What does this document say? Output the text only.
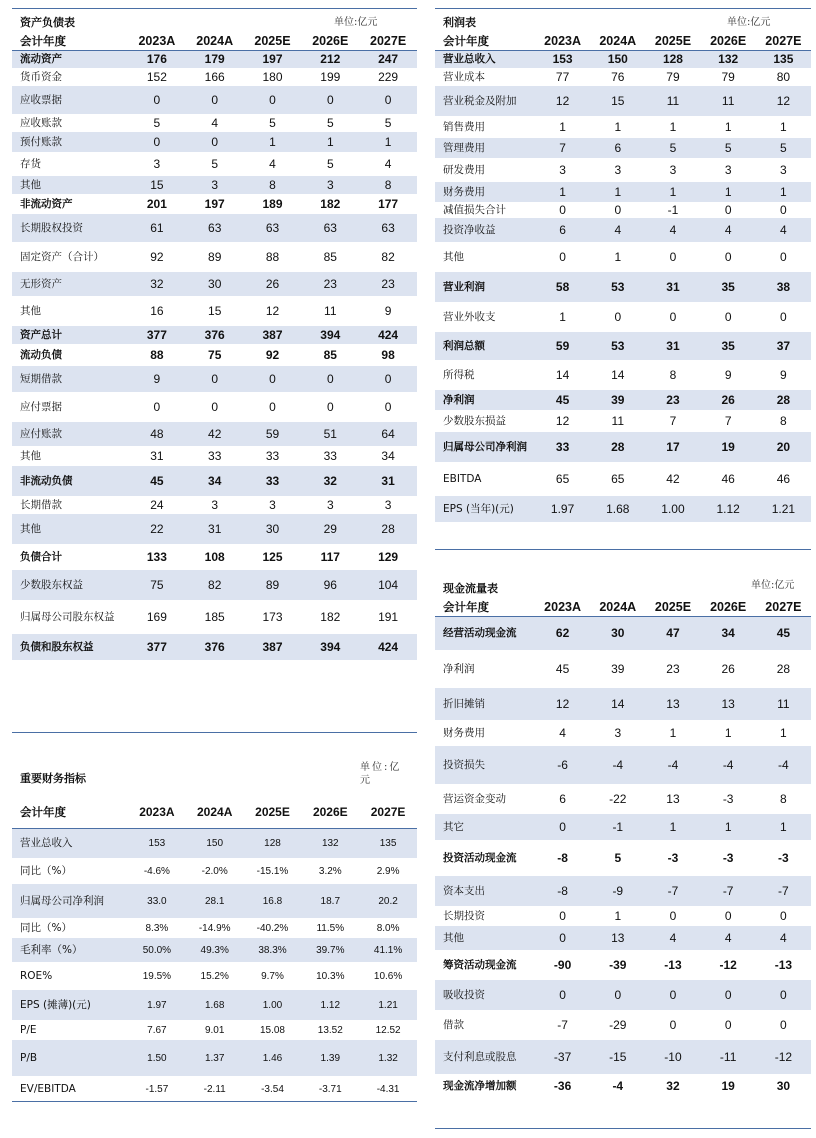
资产负债表	单位:亿元
会计年度	2023A	2024A	2025E	2026E	2027E
流动资产	176	179	197	212	247
货币资金	152	166	180	199	229
应收票据	0	0	0	0	0
应收账款	5	4	5	5	5
预付账款	0	0	1	1	1
存货	3	5	4	5	4
其他	15	3	8	3	8
非流动资产	201	197	189	182	177
长期股权投资	61	63	63	63	63
固定资产（合计）	92	89	88	85	82
无形资产	32	30	26	23	23
其他	16	15	12	11	9
资产总计	377	376	387	394	424
流动负债	88	75	92	85	98
短期借款	9	0	0	0	0
应付票据	0	0	0	0	0
应付账款	48	42	59	51	64
其他	31	33	33	33	34
非流动负债	45	34	33	32	31
长期借款	24	3	3	3	3
其他	22	31	30	29	28
负债合计	133	108	125	117	129
少数股东权益	75	82	89	96	104
归属母公司股东权益	169	185	173	182	191
负债和股东权益	377	376	387	394	424
重要财务指标
单位:亿元
会计年度	2023A	2024A	2025E	2026E	2027E
营业总收入	153	150	128	132	135
同比（%）	-4.6%	-2.0%	-15.1%	3.2%	2.9%
归属母公司净利润	33.0	28.1	16.8	18.7	20.2
同比（%）	8.3%	-14.9%	-40.2%	11.5%	8.0%
毛利率（%）	50.0%	49.3%	38.3%	39.7%	41.1%
ROE%	19.5%	15.2%	9.7%	10.3%	10.6%
EPS (摊薄)(元)	1.97	1.68	1.00	1.12	1.21
P/E	7.67	9.01	15.08	13.52	12.52
P/B	1.50	1.37	1.46	1.39	1.32
EV/EBITDA	-1.57	-2.11	-3.54	-3.71	-4.31
利润表	单位:亿元
会计年度	2023A	2024A	2025E	2026E	2027E
营业总收入	153	150	128	132	135
营业成本	77	76	79	79	80
营业税金及附加	12	15	11	11	12
销售费用	1	1	1	1	1
管理费用	7	6	5	5	5
研发费用	3	3	3	3	3
财务费用	1	1	1	1	1
减值损失合计	0	0	-1	0	0
投资净收益	6	4	4	4	4
其他	0	1	0	0	0
营业利润	58	53	31	35	38
营业外收支	1	0	0	0	0
利润总额	59	53	31	35	37
所得税	14	14	8	9	9
净利润	45	39	23	26	28
少数股东损益	12	11	7	7	8
归属母公司净利润	33	28	17	19	20
EBITDA	65	65	42	46	46
EPS (当年)(元)	1.97	1.68	1.00	1.12	1.21
现金流量表	单位:亿元
会计年度	2023A	2024A	2025E	2026E	2027E
经营活动现金流	62	30	47	34	45
净利润	45	39	23	26	28
折旧摊销	12	14	13	13	11
财务费用	4	3	1	1	1
投资损失	-6	-4	-4	-4	-4
营运资金变动	6	-22	13	-3	8
其它	0	-1	1	1	1
投资活动现金流	-8	5	-3	-3	-3
资本支出	-8	-9	-7	-7	-7
长期投资	0	1	0	0	0
其他	0	13	4	4	4
筹资活动现金流	-90	-39	-13	-12	-13
吸收投资	0	0	0	0	0
借款	-7	-29	0	0	0
支付利息或股息	-37	-15	-10	-11	-12
现金流净增加额	-36	-4	32	19	30
